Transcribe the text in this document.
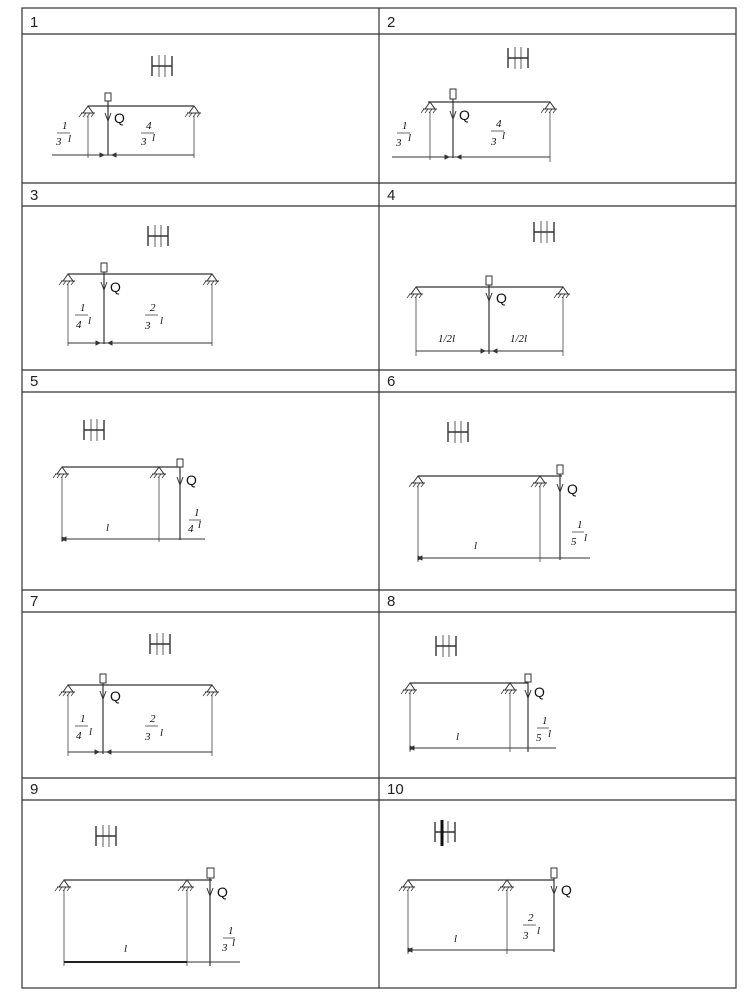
1	2
3	4
5	6
7	8
9	10
Q
1
3 l
4
3 l
Q
1
3 l
4
3 l
Q
1
4 l
2
3 l
Q
1/2l	1/2l
Q
l
1
4 l
Q
l
1
5 l
Q
1
4 l
2
3 l
Q
l
1
5 l
Q
l
1
3 l
Q
l
2
3 l
